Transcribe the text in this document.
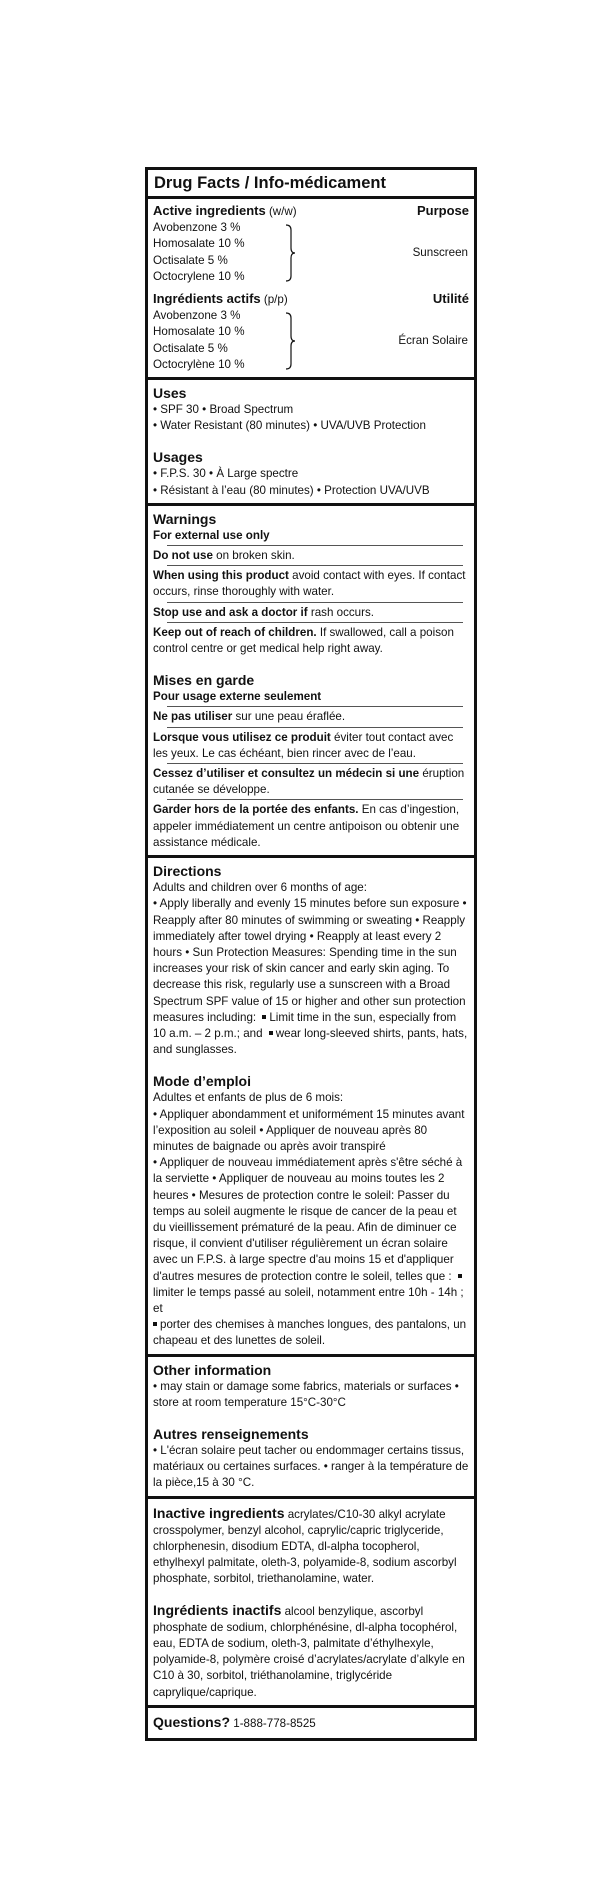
Drug Facts / Info-médicament
Active ingredients (w/w)	Purpose
Avobenzone 3 %
Homosalate 10 %
Octisalate 5 %
Octocrylene 10 %
Sunscreen
Ingrédients actifs (p/p)	Utilité
Avobenzone 3 %
Homosalate 10 %
Octisalate 5 %
Octocrylène 10 %
Écran Solaire
Uses
• SPF 30 • Broad Spectrum
• Water Resistant (80 minutes) • UVA/UVB Protection
Usages
• F.P.S. 30 • À Large spectre
• Résistant à l’eau (80 minutes) • Protection UVA/UVB
Warnings

For external use only

Do not use on broken skin.

When using this product avoid contact with eyes. If contact occurs, rinse thoroughly with water.

Stop use and ask a doctor if rash occurs.

Keep out of reach of children. If swallowed, call a poison control centre or get medical help right away.

Mises en garde

Pour usage externe seulement

Ne pas utiliser sur une peau éraflée.

Lorsque vous utilisez ce produit éviter tout contact avec les yeux. Le cas échéant, bien rincer avec de l’eau.

Cessez d’utiliser et consultez un médecin si une éruption cutanée se développe.

Garder hors de la portée des enfants. En cas d’ingestion, appeler immédiatement un centre antipoison ou obtenir une assistance médicale.

Directions

Adults and children over 6 months of age:

• Apply liberally and evenly 15 minutes before sun exposure • Reapply after 80 minutes of swimming or sweating • Reapply immediately after towel drying • Reapply at least every 2 hours • Sun Protection Measures: Spending time in the sun increases your risk of skin cancer and early skin aging. To decrease this risk, regularly use a sunscreen with a Broad Spectrum SPF value of 15 or higher and other sun protection measures including: Limit time in the sun, especially from 10 a.m. – 2 p.m.; and wear long-sleeved shirts, pants, hats, and sunglasses.

Mode d’emploi

Adultes et enfants de plus de 6 mois:

• Appliquer abondamment et uniformément 15 minutes avant l’exposition au soleil • Appliquer de nouveau après 80 minutes de baignade ou après avoir transpiré

• Appliquer de nouveau immédiatement après s'être séché à la serviette • Appliquer de nouveau au moins toutes les 2 heures • Mesures de protection contre le soleil: Passer du temps au soleil augmente le risque de cancer de la peau et du vieillissement prématuré de la peau. Afin de diminuer ce risque, il convient d'utiliser régulièrement un écran solaire avec un F.P.S. à large spectre d'au moins 15 et d'appliquer d'autres mesures de protection contre le soleil, telles que : limiter le temps passé au soleil, notamment entre 10h - 14h ; et
porter des chemises à manches longues, des pantalons, un chapeau et des lunettes de soleil.

Other information

• may stain or damage some fabrics, materials or surfaces • store at room temperature 15°C-30°C

Autres renseignements

• L'écran solaire peut tacher ou endommager certains tissus, matériaux ou certaines surfaces. • ranger à la température de la pièce,15 à 30 °C.

Inactive ingredients acrylates/C10-30 alkyl acrylate crosspolymer, benzyl alcohol, caprylic/capric triglyceride, chlorphenesin, disodium EDTA, dl-alpha tocopherol, ethylhexyl palmitate, oleth-3, polyamide-8, sodium ascorbyl phosphate, sorbitol, triethanolamine, water.

Ingrédients inactifs alcool benzylique, ascorbyl phosphate de sodium, chlorphénésine, dl-alpha tocophérol, eau, EDTA de sodium, oleth-3, palmitate d’éthylhexyle, polyamide-8, polymère croisé d’acrylates/acrylate d’alkyle en C10 à 30, sorbitol, triéthanolamine, triglycéride caprylique/caprique.

Questions? 1-888-778-8525
